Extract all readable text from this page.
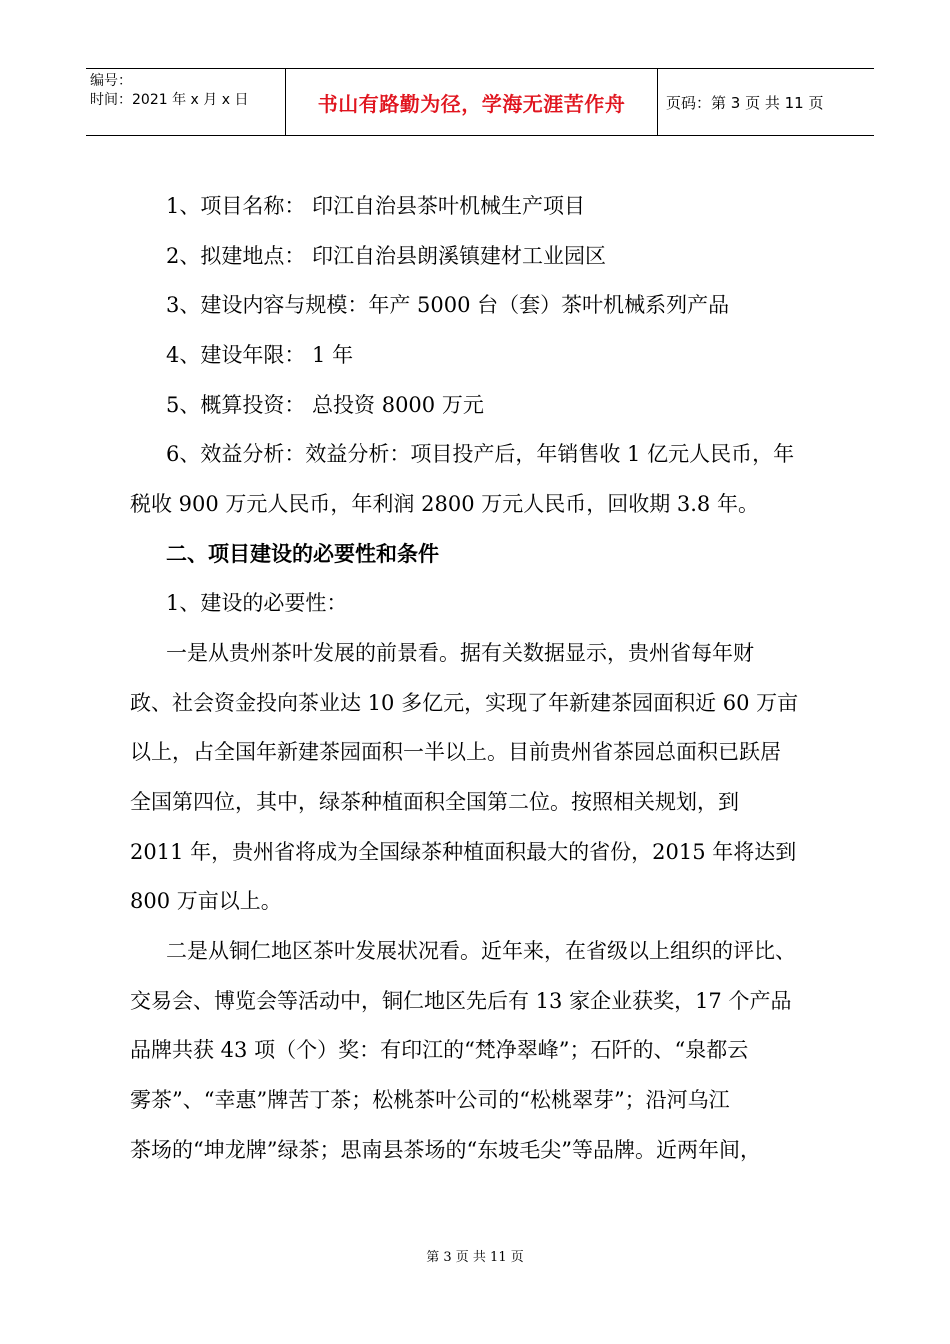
编号：
时间：2021 年 x 月 x 日	书山有路勤为径，学海无涯苦作舟	页码：第 3 页 共 11 页
1、项目名称： 印江自治县茶叶机械生产项目
2、拟建地点： 印江自治县朗溪镇建材工业园区
3、建设内容与规模：年产 5000 台（套）茶叶机械系列产品
4、建设年限： 1 年
5、概算投资： 总投资 8000 万元
6、效益分析：效益分析：项目投产后，年销售收 1 亿元人民币，年
税收 900 万元人民币，年利润 2800 万元人民币，回收期 3.8 年。
二、项目建设的必要性和条件
1、建设的必要性：
一是从贵州茶叶发展的前景看。据有关数据显示，贵州省每年财
政、社会资金投向茶业达 10 多亿元，实现了年新建茶园面积近 60 万亩
以上，占全国年新建茶园面积一半以上。目前贵州省茶园总面积已跃居
全国第四位，其中，绿茶种植面积全国第二位。按照相关规划，到
2011 年，贵州省将成为全国绿茶种植面积最大的省份，2015 年将达到
800 万亩以上。
二是从铜仁地区茶叶发展状况看。近年来，在省级以上组织的评比、
交易会、博览会等活动中，铜仁地区先后有 13 家企业获奖，17 个产品
品牌共获 43 项（个）奖：有印江的“梵净翠峰”；石阡的、“泉都云
雾茶”、“幸惠”牌苦丁茶；松桃茶叶公司的“松桃翠芽”；沿河乌江
茶场的“坤龙牌”绿茶；思南县茶场的“东坡毛尖”等品牌。近两年间，
第 3 页 共 11 页
